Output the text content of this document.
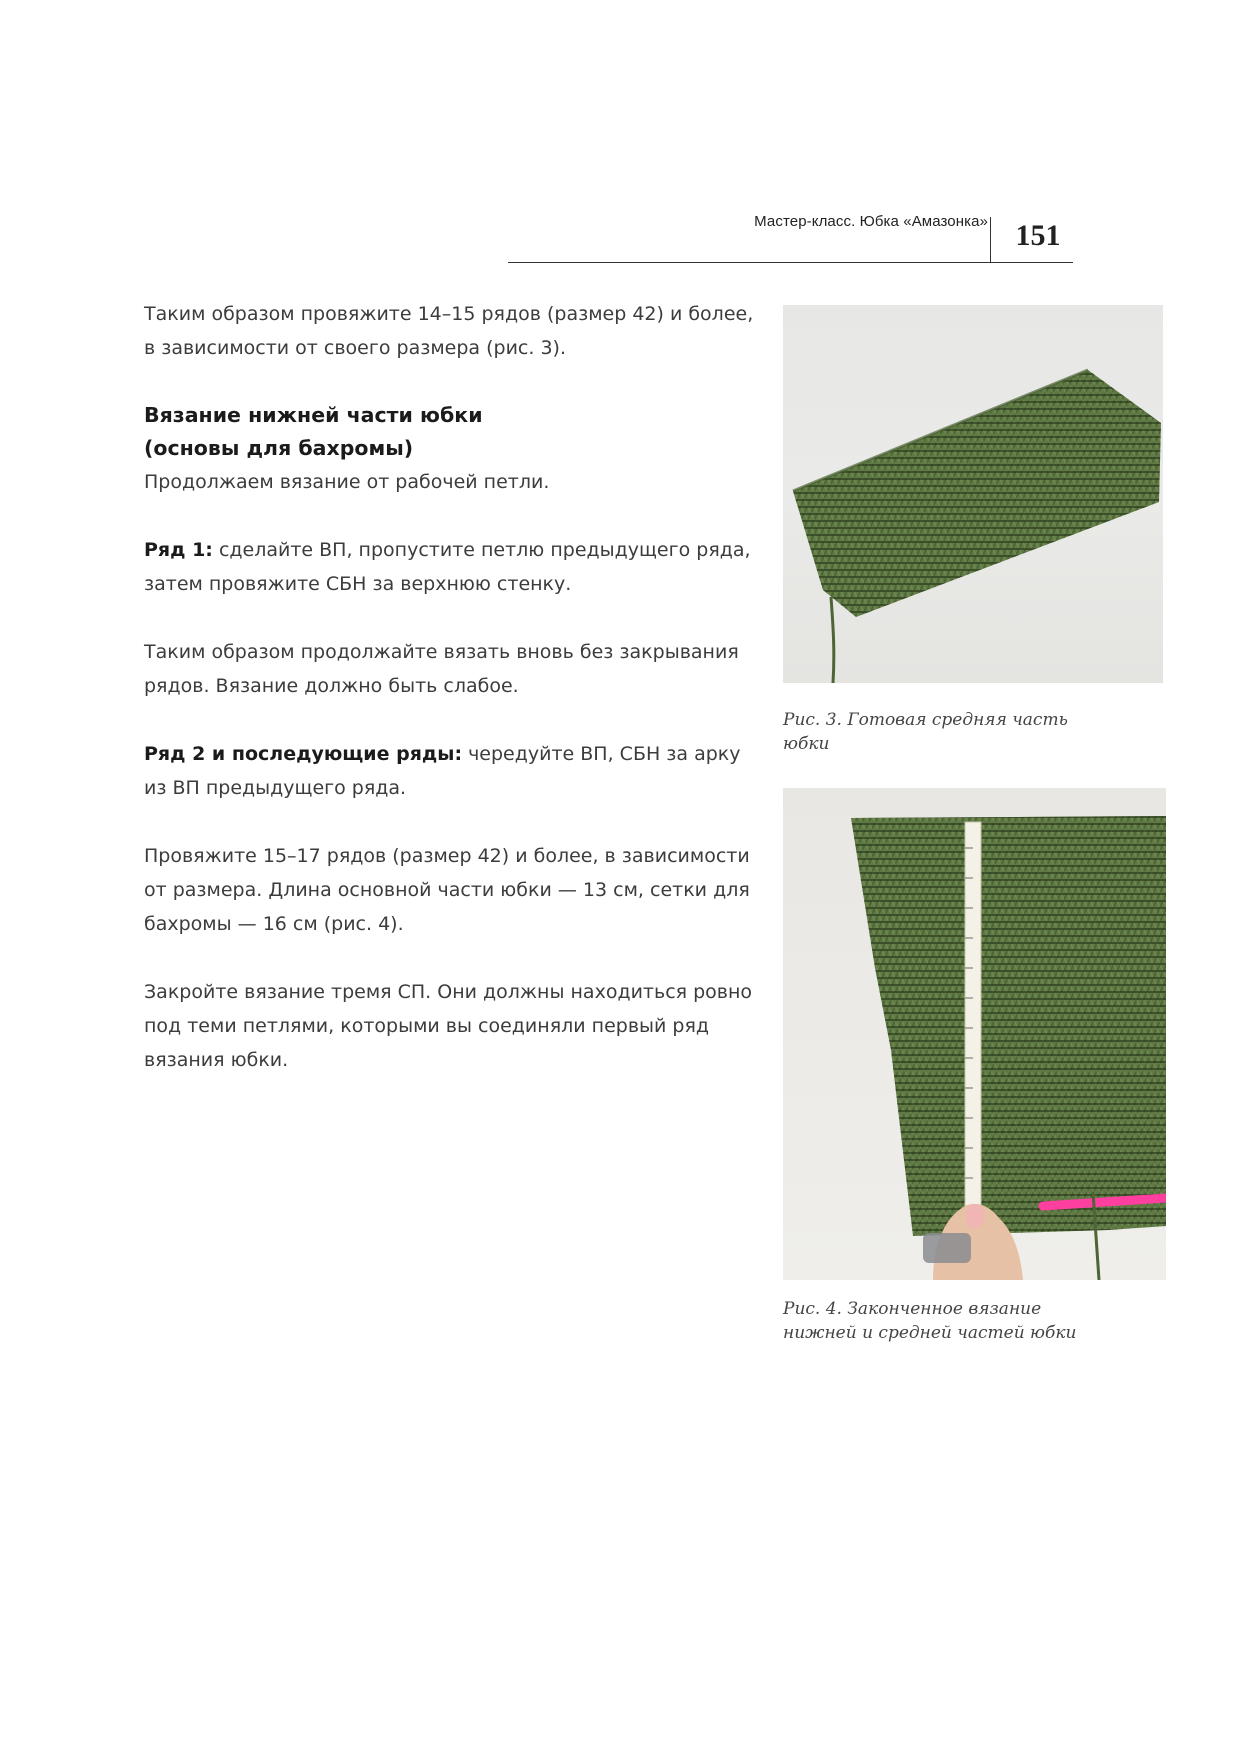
Мастер-класс. Юбка «Амазонка» 151

Таким образом провяжите 14–15 рядов (размер 42) и более, в зависимости от своего размера (рис. 3).

Вязание нижней части юбки
(основы для бахромы)

Продолжаем вязание от рабочей петли.

Ряд 1: сделайте ВП, пропустите петлю предыдущего ряда, затем провяжите СБН за верхнюю стенку.

Таким образом продолжайте вязать вновь без закрывания рядов. Вязание должно быть слабое.

Ряд 2 и последующие ряды: чередуйте ВП, СБН за арку из ВП предыдущего ряда.

Провяжите 15–17 рядов (размер 42) и более, в зависимости от размера. Длина основной части юбки — 13 см, сетки для бахромы — 16 см (рис. 4).

Закройте вязание тремя СП. Они должны находиться ровно под теми петлями, которыми вы соединяли первый ряд вязания юбки.

Рис. 3. Готовая средняя часть юбки
Рис. 4. Законченное вязание нижней и средней частей юбки
